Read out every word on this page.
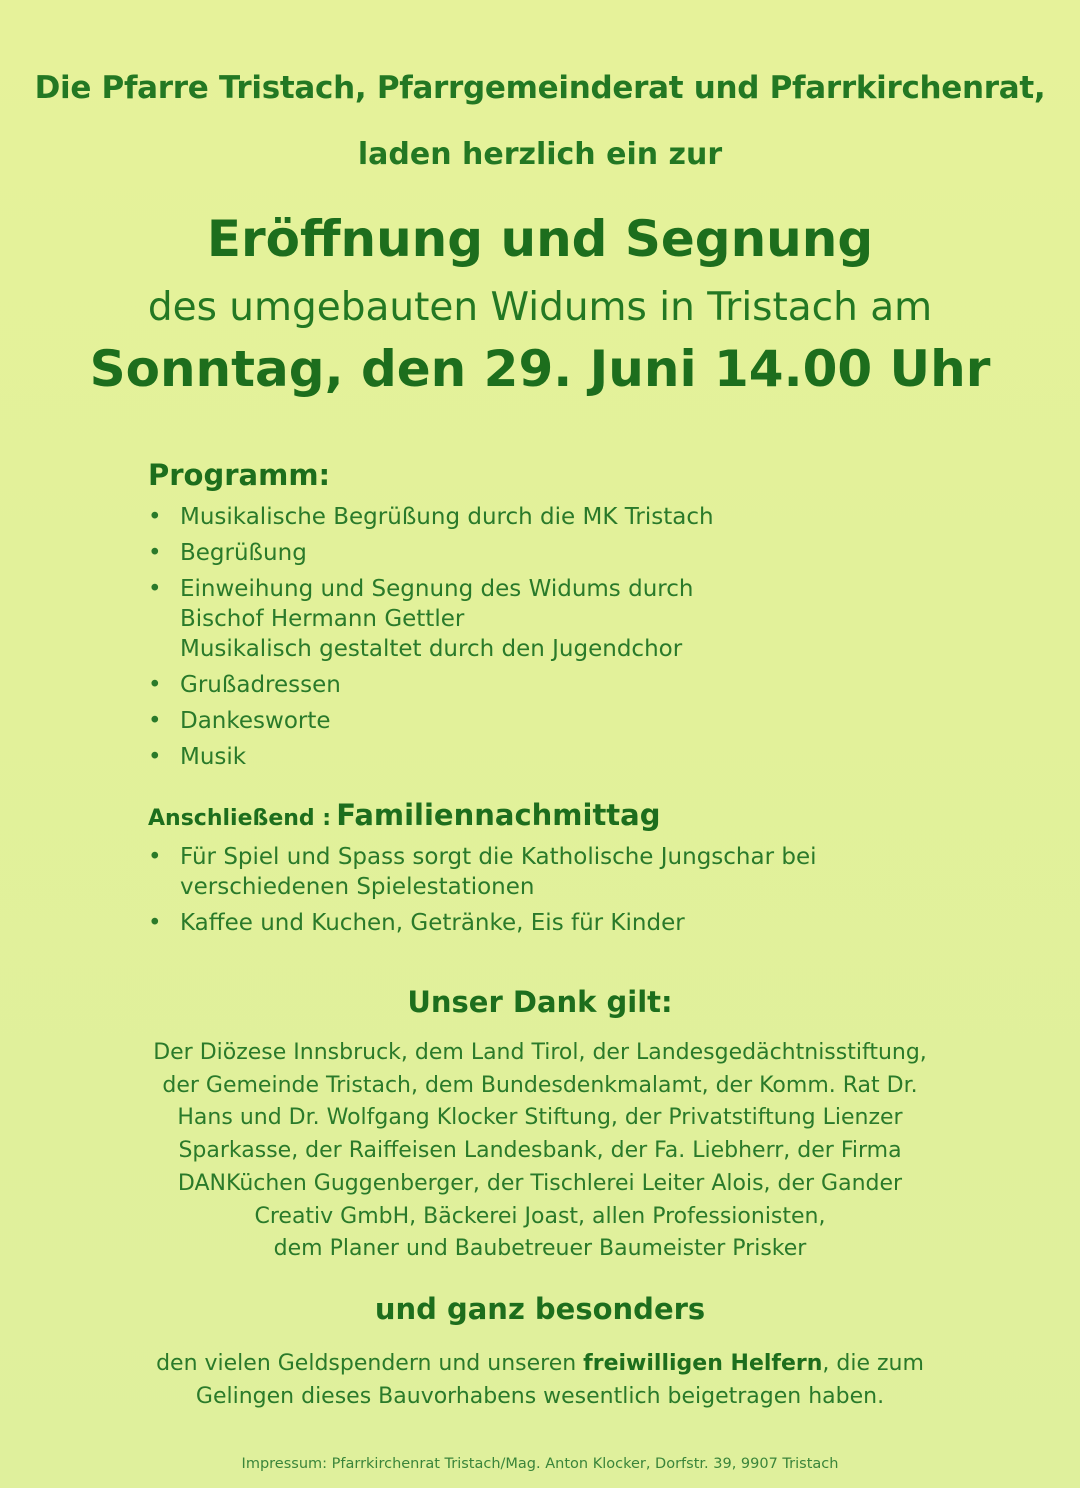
Die Pfarre Tristach, Pfarrgemeinderat und Pfarrkirchenrat,
laden herzlich ein zur
Eröffnung und Segnung
des umgebauten Widums in Tristach am
Sonntag, den 29. Juni 14.00 Uhr
Programm:
• Musikalische Begrüßung durch die MK Tristach
• Begrüßung
• Einweihung und Segnung des Widums durch
Bischof Hermann Gettler
Musikalisch gestaltet durch den Jugendchor
• Grußadressen
• Dankesworte
• Musik
Anschließend : Familiennachmittag
• Für Spiel und Spass sorgt die Katholische Jungschar bei
verschiedenen Spielestationen
• Kaffee und Kuchen, Getränke, Eis für Kinder
Unser Dank gilt:
Der Diözese Innsbruck, dem Land Tirol, der Landesgedächtnisstiftung,
der Gemeinde Tristach, dem Bundesdenkmalamt, der Komm. Rat Dr.
Hans und Dr. Wolfgang Klocker Stiftung, der Privatstiftung Lienzer
Sparkasse, der Raiffeisen Landesbank, der Fa. Liebherr, der Firma
DANKüchen Guggenberger, der Tischlerei Leiter Alois, der Gander
Creativ GmbH, Bäckerei Joast, allen Professionisten,
dem Planer und Baubetreuer Baumeister Prisker
und ganz besonders
den vielen Geldspendern und unseren freiwilligen Helfern, die zum
Gelingen dieses Bauvorhabens wesentlich beigetragen haben.
Impressum: Pfarrkirchenrat Tristach/Mag. Anton Klocker, Dorfstr. 39, 9907 Tristach
